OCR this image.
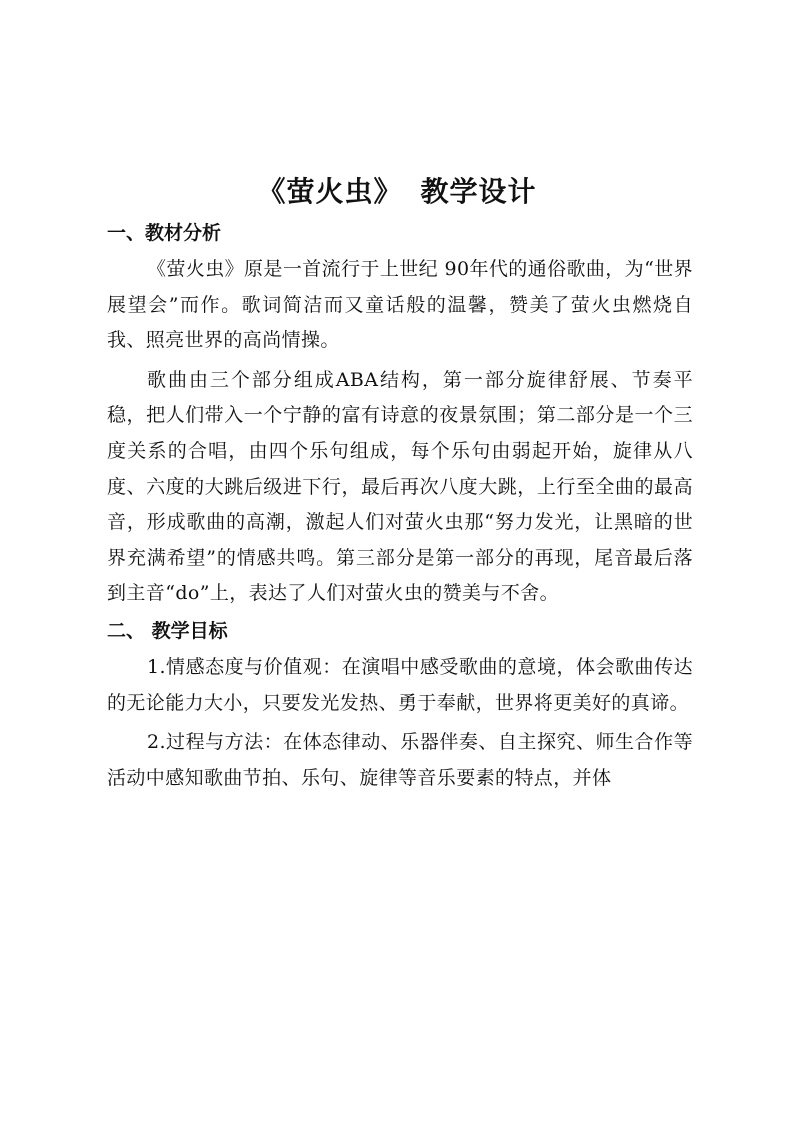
《萤火虫》 教学设计
一、教材分析

《萤火虫》原是一首流行于上世纪 90年代的通俗歌曲，为“世界展望会”而作。歌词简洁而又童话般的温馨，赞美了萤火虫燃烧自我、照亮世界的高尚情操。

歌曲由三个部分组成ABA结构，第一部分旋律舒展、节奏平稳，把人们带入一个宁静的富有诗意的夜景氛围；第二部分是一个三度关系的合唱，由四个乐句组成，每个乐句由弱起开始，旋律从八度、六度的大跳后级进下行，最后再次八度大跳，上行至全曲的最高音，形成歌曲的高潮，激起人们对萤火虫那“努力发光，让黑暗的世界充满希望”的情感共鸣。第三部分是第一部分的再现，尾音最后落到主音“do”上，表达了人们对萤火虫的赞美与不舍。

二、 教学目标

1.情感态度与价值观：在演唱中感受歌曲的意境，体会歌曲传达的无论能力大小，只要发光发热、勇于奉献，世界将更美好的真谛。

2.过程与方法：在体态律动、乐器伴奏、自主探究、师生合作等活动中感知歌曲节拍、乐句、旋律等音乐要素的特点，并体
